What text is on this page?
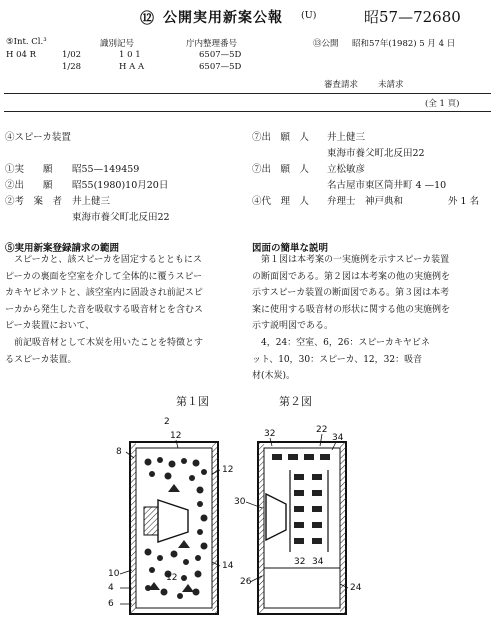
⑫ 公開実用新案公報 (U)	昭57—72680
⑤Int. Cl.³	識別記号	庁内整理番号	⑬公開 昭和57年(1982) 5 月 4 日
H 04 R	1/02	1 0 1	6507—5D
1/28	H A A	6507—5D
審査請求 未請求
(全 1 頁)
④スピーカ装置
①実　　願 昭55—149459
②出　　願 昭55(1980)10月20日
②考　案　者 井上健三
東海市養父町北反田22
⑦出　願　人 井上健三
東海市養父町北反田22
⑦出　願　人 立松敏彦
名古屋市東区筒井町 4 —10
④代　理　人 弁理士　神戸典和	外 1 名
⑤実用新案登録請求の範囲
　スピーカと、該スピーカを固定するとともにス
ピーカの裏面を空室を介して全体的に覆うスピー
カキヤビネツトと、該空室内に固設され前記スピ
ーカから発生した音を吸収する吸音材とを含むス
ピーカ装置において、
　前記吸音材として木炭を用いたことを特徴とす
るスピーカ装置。
図面の簡単な説明
　第１図は本考案の一実施例を示すスピーカ装置
の断面図である。第２図は本考案の他の実施例を
示すスピーカ装置の断面図である。第３図は本考
案に使用する吸音材の形状に関する他の実施例を
示す説明図である。
　4，24：空室、6，26：スピーカキヤビネ
ット、10，30：スピーカ、12，32：吸音
材(木炭)。
第１図	第２図
2
12
8
12
14
10	12
4
6
32	22
34
30
32 34
26
24
